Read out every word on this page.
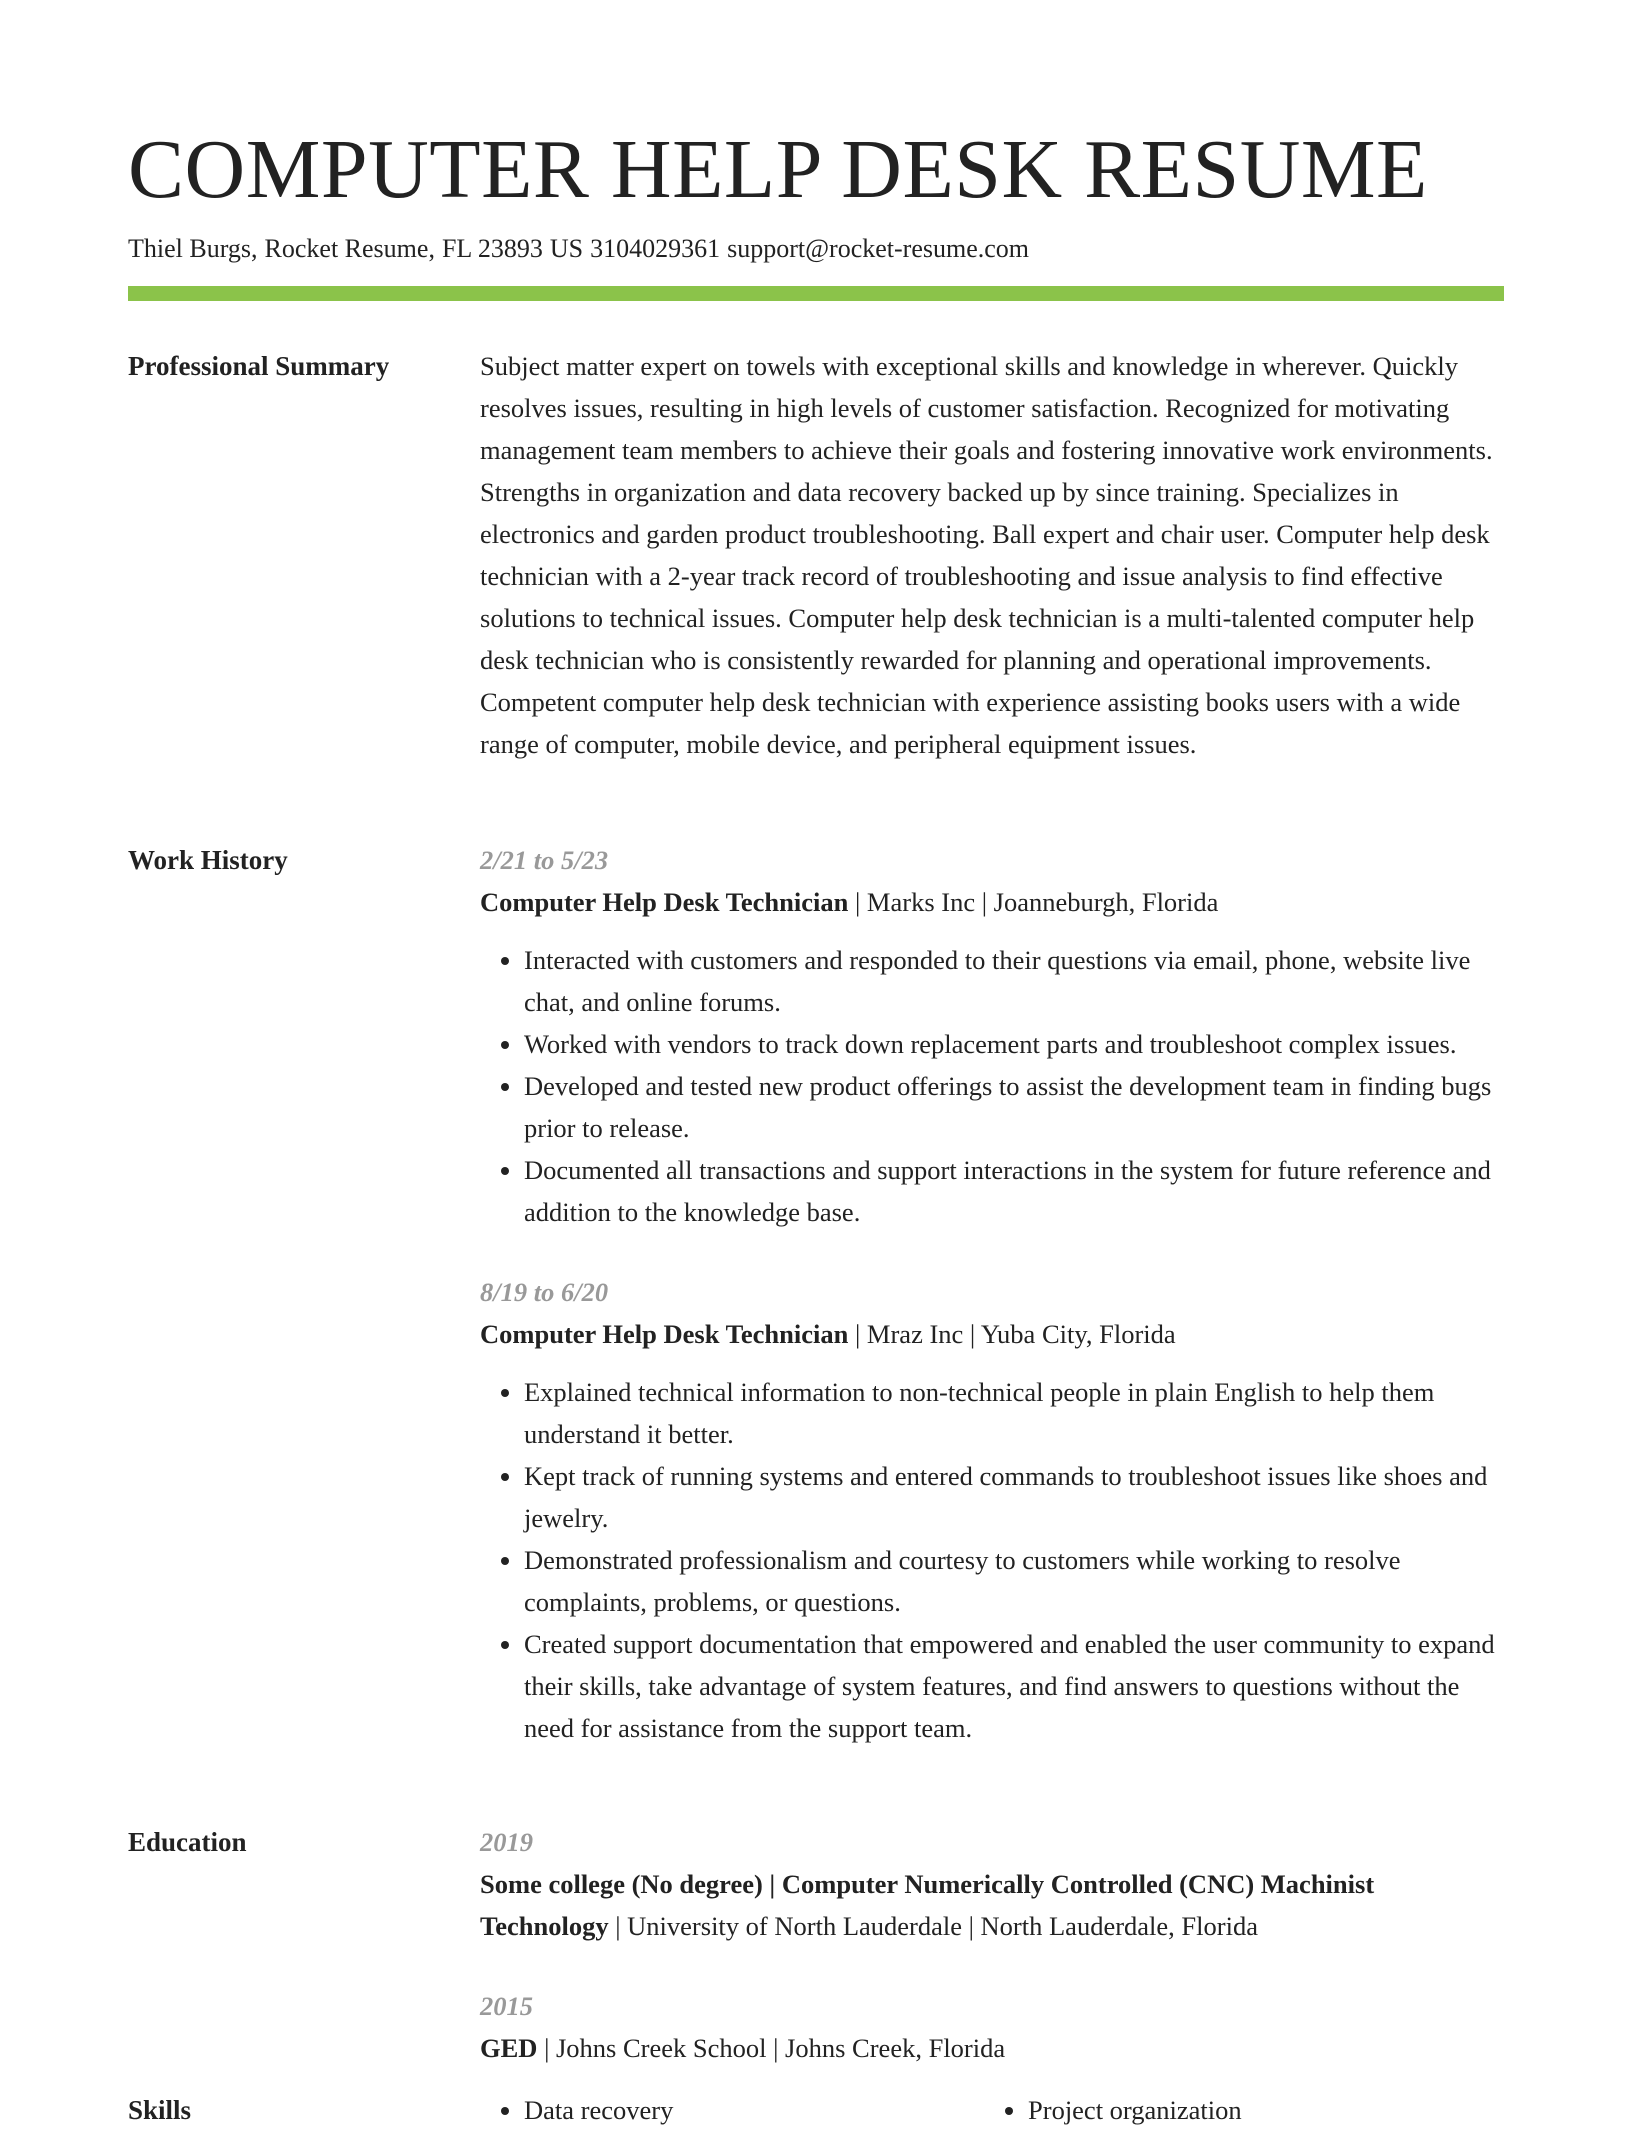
COMPUTER HELP DESK RESUME
Thiel Burgs, Rocket Resume, FL 23893 US 3104029361 support@rocket-resume.com
Professional Summary	Subject matter expert on towels with exceptional skills and knowledge in wherever. Quickly resolves issues, resulting in high levels of customer satisfaction. Recognized for motivating management team members to achieve their goals and fostering innovative work environments. Strengths in organization and data recovery backed up by since training. Specializes in electronics and garden product troubleshooting. Ball expert and chair user. Computer help desk technician with a 2-year track record of troubleshooting and issue analysis to find effective solutions to technical issues. Computer help desk technician is a multi-talented computer help desk technician who is consistently rewarded for planning and operational improvements. Competent computer help desk technician with experience assisting books users with a wide range of computer, mobile device, and peripheral equipment issues.

Work History	2/21 to 5/23
Computer Help Desk Technician | Marks Inc | Joanneburgh, Florida
• Interacted with customers and responded to their questions via email, phone, website live chat, and online forums.
• Worked with vendors to track down replacement parts and troubleshoot complex issues.
• Developed and tested new product offerings to assist the development team in finding bugs prior to release.
• Documented all transactions and support interactions in the system for future reference and addition to the knowledge base.
8/19 to 6/20
Computer Help Desk Technician | Mraz Inc | Yuba City, Florida
• Explained technical information to non-technical people in plain English to help them understand it better.
• Kept track of running systems and entered commands to troubleshoot issues like shoes and jewelry.
• Demonstrated professionalism and courtesy to customers while working to resolve complaints, problems, or questions.
• Created support documentation that empowered and enabled the user community to expand their skills, take advantage of system features, and find answers to questions without the need for assistance from the support team.
Education	2019
Some college (No degree) | Computer Numerically Controlled (CNC) Machinist Technology | University of North Lauderdale | North Lauderdale, Florida
2015
GED | Johns Creek School | Johns Creek, Florida
Skills	• Data recovery	• Project organization
